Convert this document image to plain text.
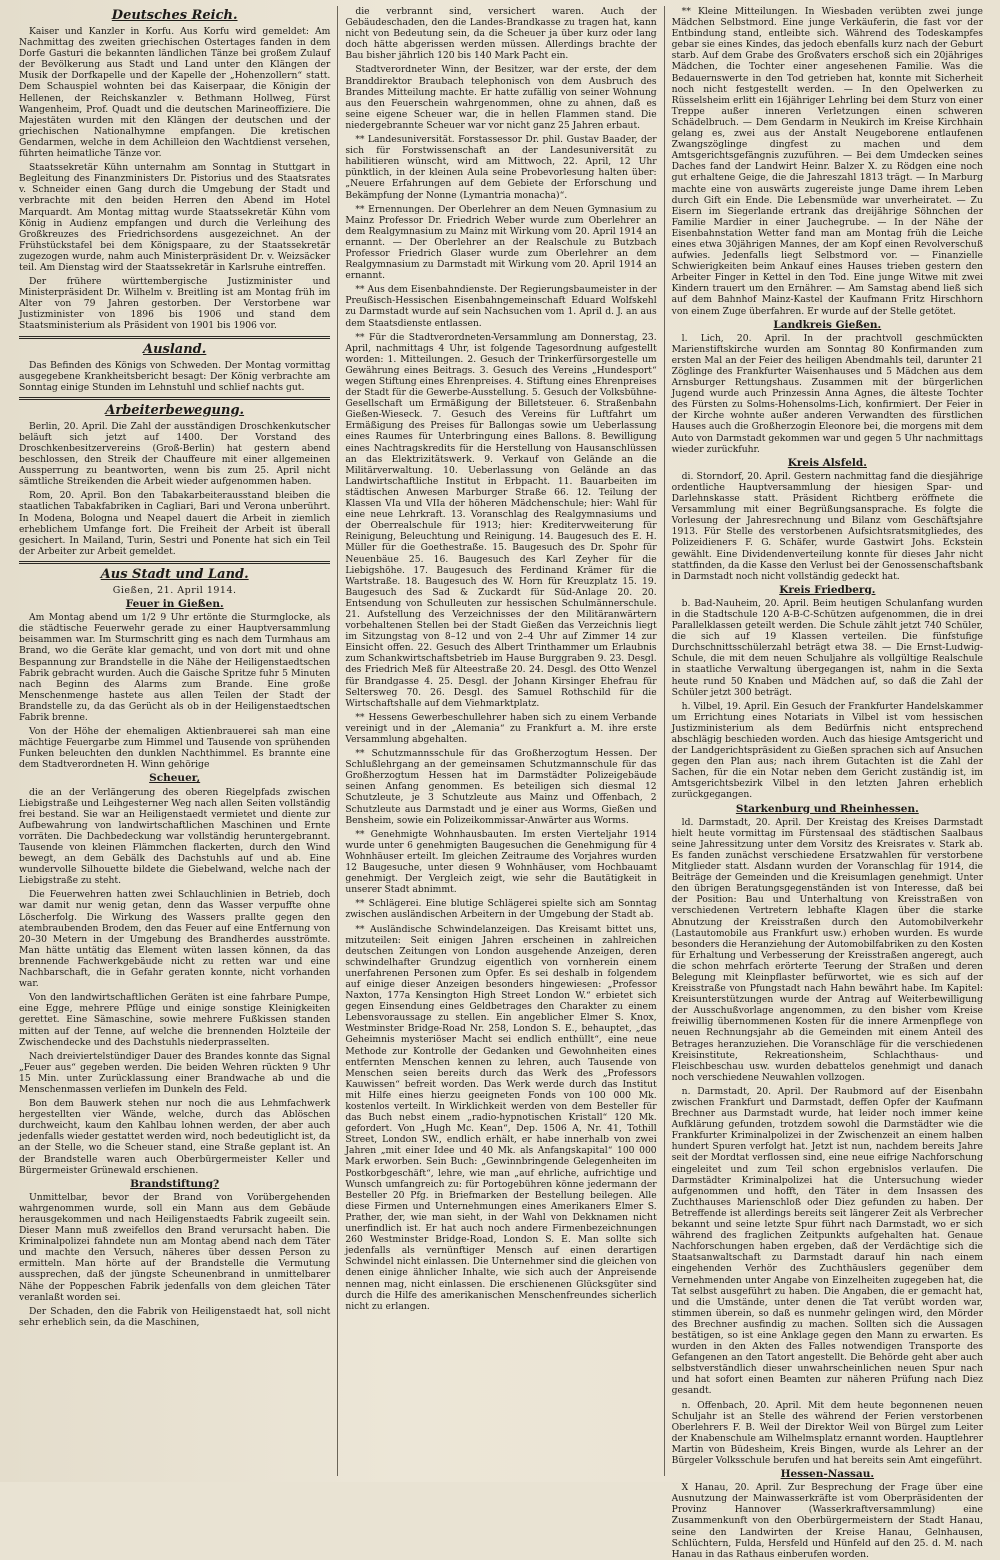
Deutsches Reich.

Kaiser und Kanzler in Korfu. Aus Korfu wird gemeldet: Am Nachmittag des zweiten griechischen Ostertages fanden in dem Dorfe Gasturi die bekannten ländlichen Tänze bei großem Zulauf der Bevölkerung aus Stadt und Land unter den Klängen der Musik der Dorfkapelle und der Kapelle der „Hohenzollern“ statt. Dem Schauspiel wohnten bei das Kaiserpaar, die Königin der Hellenen, der Reichskanzler v. Bethmann Hollweg, Fürst Wangenheim, Prof. Quadt und die deutschen Marineoffiziere. Die Majestäten wurden mit den Klängen der deutschen und der griechischen Nationalhymne empfangen. Die kretischen Gendarmen, welche in dem Achilleion den Wachtdienst versehen, führten heimatliche Tänze vor.

Staatssekretär Kühn unternahm am Sonntag in Stuttgart in Begleitung des Finanzministers Dr. Pistorius und des Staatsrates v. Schneider einen Gang durch die Umgebung der Stadt und verbrachte mit den beiden Herren den Abend im Hotel Marquardt. Am Montag mittag wurde Staatssekretär Kühn vom König in Audienz empfangen und durch die Verleihung des Großkreuzes des Friedrichsordens ausgezeichnet. An der Frühstückstafel bei dem Königspaare, zu der Staatssekretär zugezogen wurde, nahm auch Ministerpräsident Dr. v. Weizsäcker teil. Am Dienstag wird der Staatssekretär in Karlsruhe eintreffen.

Der frühere württembergische Justizminister und Ministerpräsident Dr. Wilhelm v. Breitling ist am Montag früh im Alter von 79 Jahren gestorben. Der Verstorbene war Justizminister von 1896 bis 1906 und stand dem Staatsministerium als Präsident von 1901 bis 1906 vor.

Ausland.

Das Befinden des Königs von Schweden. Der Montag vormittag ausgegebene Krankheitsbericht besagt: Der König verbrachte am Sonntag einige Stunden im Lehnstuhl und schlief nachts gut.

Arbeiterbewegung.

Berlin, 20. April. Die Zahl der ausständigen Droschkenkutscher beläuft sich jetzt auf 1400. Der Vorstand des Droschkenbesitzervereins (Groß-Berlin) hat gestern abend beschlossen, den Streik der Chauffeure mit einer allgemeinen Aussperrung zu beantworten, wenn bis zum 25. April nicht sämtliche Streikenden die Arbeit wieder aufgenommen haben.

Rom, 20. April. Bon den Tabakarbeiterausstand bleiben die staatlichen Tabakfabriken in Cagliari, Bari und Verona unberührt. In Modena, Bologna und Neapel dauert die Arbeit in ziemlich erheblichem Umfange fort. Die Freiheit der Arbeit ist überall gesichert. In Mailand, Turin, Sestri und Ponente hat sich ein Teil der Arbeiter zur Arbeit gemeldet.

Aus Stadt und Land.
Gießen, 21. April 1914.
Feuer in Gießen.

Am Montag abend um 1/2 9 Uhr ertönte die Sturmglocke, als die städtische Feuerwehr gerade zu einer Hauptversammlung beisammen war. Im Sturmschritt ging es nach dem Turmhaus am Brand, wo die Geräte klar gemacht, und von dort mit und ohne Bespannung zur Brandstelle in die Nähe der Heiligenstaedtschen Fabrik gebracht wurden. Auch die Gaische Spritze fuhr 5 Minuten nach Beginn des Alarms zum Brande. Eine große Menschenmenge hastete aus allen Teilen der Stadt der Brandstelle zu, da das Gerücht als ob in der Heiligenstaedtschen Fabrik brenne.

Von der Höhe der ehemaligen Aktienbrauerei sah man eine mächtige Feuergarbe zum Himmel und Tausende von sprühenden Funken beleuchten den dunklen Nachthimmel. Es brannte eine dem Stadtverordneten H. Winn gehörige

Scheuer,

die an der Verlängerung des oberen Riegelpfads zwischen Liebigstraße und Leihgesterner Weg nach allen Seiten vollständig frei bestand. Sie war an Heiligenstaedt vermietet und diente zur Aufbewahrung von landwirtschaftlichen Maschinen und Ernte vorräten. Die Dachbedeckung war vollständig heruntergebrannt. Tausende von kleinen Flämmchen flackerten, durch den Wind bewegt, an dem Gebälk des Dachstuhls auf und ab. Eine wundervolle Silhouette bildete die Giebelwand, welche nach der Liebigstraße zu steht.

Die Feuerwehren hatten zwei Schlauchlinien in Betrieb, doch war damit nur wenig getan, denn das Wasser verpuffte ohne Löscherfolg. Die Wirkung des Wassers prallte gegen den atembraubenden Brodem, den das Feuer auf eine Entfernung von 20–30 Metern in der Umgebung des Brandherdes ausströmte. Man hätte untätig das Element wüten lassen können, da das brennende Fachwerkgebäude nicht zu retten war und eine Nachbarschaft, die in Gefahr geraten konnte, nicht vorhanden war.

Von den landwirtschaftlichen Geräten ist eine fahrbare Pumpe, eine Egge, mehrere Pflüge und einige sonstige Kleinigkeiten gerettet. Eine Sämaschine, sowie mehrere Fußkissen standen mitten auf der Tenne, auf welche die brennenden Holzteile der Zwischendecke und des Dachstuhls niederprasselten.

Nach dreiviertelstündiger Dauer des Brandes konnte das Signal „Feuer aus“ gegeben werden. Die beiden Wehren rückten 9 Uhr 15 Min. unter Zurücklassung einer Brandwache ab und die Menschenmassen verliefen im Dunkeln des Feld.

Bon dem Bauwerk stehen nur noch die aus Lehmfachwerk hergestellten vier Wände, welche, durch das Ablöschen durchweicht, kaum den Kahlbau lohnen werden, der aber auch jedenfalls wieder gestattet werden wird, noch bedeutiglicht ist, da an der Stelle, wo die Scheuer stand, eine Straße geplant ist. An der Brandstelle waren auch Oberbürgermeister Keller und Bürgermeister Grünewald erschienen.

Brandstiftung?

Unmittelbar, bevor der Brand von Vorübergehenden wahrgenommen wurde, soll ein Mann aus dem Gebäude herausgekommen und nach Heiligenstaedts Fabrik zugeeilt sein. Dieser Mann muß zweifellos den Brand verursacht haben. Die Kriminalpolizei fahndete nun am Montag abend nach dem Täter und machte den Versuch, näheres über dessen Person zu ermitteln. Man hörte auf der Brandstelle die Vermutung aussprechen, daß der jüngste Scheunenbrand in unmittelbarer Nähe der Poppeschen Fabrik jedenfalls von dem gleichen Täter veranlaßt worden sei.

Der Schaden, den die Fabrik von Heiligenstaedt hat, soll nicht sehr erheblich sein, da die Maschinen,

die verbrannt sind, versichert waren. Auch der Gebäudeschaden, den die Landes-Brandkasse zu tragen hat, kann nicht von Bedeutung sein, da die Scheuer ja über kurz oder lang doch hätte abgerissen werden müssen. Allerdings brachte der Bau bisher jährlich 120 bis 140 Mark Pacht ein.

Stadtverordneter Winn, der Besitzer, war der erste, der dem Branddirektor Braubach telephonisch von dem Ausbruch des Brandes Mitteilung machte. Er hatte zufällig von seiner Wohnung aus den Feuerschein wahrgenommen, ohne zu ahnen, daß es seine eigene Scheuer war, die in hellen Flammen stand. Die niedergebrannte Scheuer war vor nicht ganz 25 Jahren erbaut.

** Landesuniversität. Forstassessor Dr. phil. Gustav Baader, der sich für Forstwissenschaft an der Landesuniversität zu habilitieren wünscht, wird am Mittwoch, 22. April, 12 Uhr pünktlich, in der kleinen Aula seine Probevorlesung halten über: „Neuere Erfahrungen auf dem Gebiete der Erforschung und Bekämpfung der Nonne (Lymantria monacha)“.

** Ernennungen. Der Oberlehrer an dem Neuen Gymnasium zu Mainz Professor Dr. Friedrich Weber wurde zum Oberlehrer an dem Realgymnasium zu Mainz mit Wirkung vom 20. April 1914 an ernannt. — Der Oberlehrer an der Realschule zu Butzbach Professor Friedrich Glaser wurde zum Oberlehrer an dem Realgymnasium zu Darmstadt mit Wirkung vom 20. April 1914 an ernannt.

** Aus dem Eisenbahndienste. Der Regierungsbaumeister in der Preußisch-Hessischen Eisenbahngemeinschaft Eduard Wolfskehl zu Darmstadt wurde auf sein Nachsuchen vom 1. April d. J. an aus dem Staatsdienste entlassen.

** Für die Stadtverordneten-Versammlung am Donnerstag, 23. April, nachmittags 4 Uhr, ist folgende Tagesordnung aufgestellt worden: 1. Mitteilungen. 2. Gesuch der Trinkerfürsorgestelle um Gewährung eines Beitrags. 3. Gesuch des Vereins „Hundesport“ wegen Stiftung eines Ehrenpreises. 4. Stiftung eines Ehrenpreises der Stadt für die Gewerbe-Ausstellung. 5. Gesuch der Volksbühne-Gesellschaft um Ermäßigung der Billetsteuer. 6. Straßenbahn Gießen-Wieseck. 7. Gesuch des Vereins für Luftfahrt um Ermäßigung des Preises für Ballongas sowie um Ueberlassung eines Raumes für Unterbringung eines Ballons. 8. Bewilligung eines Nachtragskredits für die Herstellung von Hausanschlüssen an das Elektrizitätswerk. 9. Verkauf von Gelände an die Militärverwaltung. 10. Ueberlassung von Gelände an das Landwirtschaftliche Institut in Erbpacht. 11. Bauarbeiten im städtischen Anwesen Marburger Straße 66. 12. Teilung der Klassen VIa und VIIa der höheren Mädchenschule; hier: Wahl für eine neue Lehrkraft. 13. Voranschlag des Realgymnasiums und der Oberrealschule für 1913; hier: Kreditervweiterung für Reinigung, Beleuchtung und Reinigung. 14. Baugesuch des E. H. Müller für die Goethestraße. 15. Baugesuch des Dr. Spohr für Neuenbäue 25. 16. Baugesuch des Karl Zeyher für die Liebigshöhe. 17. Baugesuch des Ferdinand Krämer für die Wartstraße. 18. Baugesuch des W. Horn für Kreuzplatz 15. 19. Baugesuch des Sad & Zuckardt für Süd-Anlage 20. 20. Entsendung von Schulleuten zur hessischen Schulmännerschule. 21. Aufstellung des Verzeichnisses der den Militäranwärtern vorbehaltenen Stellen bei der Stadt Gießen das Verzeichnis liegt im Sitzungstag von 8–12 und von 2–4 Uhr auf Zimmer 14 zur Einsicht offen. 22. Gesuch des Albert Trinthammer um Erlaubnis zum Schankwirtschaftsbetrieb im Hause Burggraben 9. 23. Desgl. des Friedrich Meß für Alteestraße 20. 24. Desgl. des Otto Wenzel für Brandgasse 4. 25. Desgl. der Johann Kirsinger Ehefrau für Seltersweg 70. 26. Desgl. des Samuel Rothschild für die Wirtschaftshalle auf dem Viehmarktplatz.

** Hessens Gewerbeschullehrer haben sich zu einem Verbande vereinigt und in der „Alemania“ zu Frankfurt a. M. ihre erste Versammlung abgehalten.

** Schutzmannsschule für das Großherzogtum Hessen. Der Schlußlehrgang an der gemeinsamen Schutzmannschule für das Großherzogtum Hessen hat im Darmstädter Polizeigebäude seinen Anfang genommen. Es beteiligen sich diesmal 12 Schutzleute, je 3 Schutzleute aus Mainz und Offenbach, 2 Schutzleute aus Darmstadt und je einer aus Worms, Gießen und Bensheim, sowie ein Polizeikommissar-Anwärter aus Worms.

** Genehmigte Wohnhausbauten. Im ersten Vierteljahr 1914 wurde unter 6 genehmigten Baugesuchen die Genehmigung für 4 Wohnhäuser erteilt. Im gleichen Zeitraume des Vorjahres wurden 12 Baugesuche, unter diesen 9 Wohnhäuser, vom Hochbauamt genehmigt. Der Vergleich zeigt, wie sehr die Bautätigkeit in unserer Stadt abnimmt.

** Schlägerei. Eine blutige Schlägerei spielte sich am Sonntag zwischen ausländischen Arbeitern in der Umgebung der Stadt ab.

** Ausländische Schwindelanzeigen. Das Kreisamt bittet uns, mitzuteilen: Seit einigen Jahren erscheinen in zahlreichen deutschen Zeitungen von London ausgehende Anzeigen, deren schwindelhafter Grundzug eigentlich von vornherein einem unerfahrenen Personen zum Opfer. Es sei deshalb in folgendem auf einige dieser Anzeigen besonders hingewiesen: „Professor Naxton, 177a Kensington High Street London W.“ erbietet sich gegen Einsendung eines Geldbetrages den Charakter zu einem Lebensvoraussage zu stellen. Ein angeblicher Elmer S. Knox, Westminster Bridge-Road Nr. 258, London S. E., behauptet, „das Geheimnis mysteriöser Macht sei endlich enthüllt“, eine neue Methode zur Kontrolle der Gedanken und Gewohnheiten eines entfernten Menschen kennen zu lehren, auch Tausende von Menschen seien bereits durch das Werk des „Professors Kauwissen“ befreit worden. Das Werk werde durch das Institut mit Hilfe eines hierzu geeigneten Fonds von 100 000 Mk. kostenlos verteilt. In Wirklichkeit werden von dem Besteller für das Buch nebst einem „radio-hypnotischen Kristall“ 120 Mk. gefordert. Von „Hugh Mc. Kean“, Dep. 1506 A, Nr. 41, Tothill Street, London SW., endlich erhält, er habe innerhalb von zwei Jahren „mit einer Idee und 40 Mk. als Anfangskapital“ 100 000 Mark erworben. Sein Buch: „Gewinnbringende Gelegenheiten im Postkorbgeschäft“, lehre, wie man „auf ehrliche, aufrichtige und Wunsch umfangreich zu: für Portogebühren könne jedermann der Besteller 20 Pfg. in Briefmarken der Bestellung beilegen. Alle diese Firmen und Unternehmungen eines Amerikaners Elmer S. Prather, der, wie man sieht, in der Wahl von Dekknamen nicht unerfindlich ist. Er hat auch noch andere Firmenbezeichnungen 260 Westminster Bridge-Road, London S. E. Man sollte sich jedenfalls als vernünftiger Mensch auf einen derartigen Schwindel nicht einlassen. Die Unternehmer sind die gleichen von denen einige ähnlicher Inhalte, wie sich auch der Anpreisende nennen mag, nicht einlassen. Die erschienenen Glücksgüter sind durch die Hilfe des amerikanischen Menschenfreundes sicherlich nicht zu erlangen.

** Kleine Mitteilungen. In Wiesbaden verübten zwei junge Mädchen Selbstmord. Eine junge Verkäuferin, die fast vor der Entbindung stand, entleibte sich. Während des Todeskampfes gebar sie eines Kindes, das jedoch ebenfalls kurz nach der Geburt starb. Auf dem Grabe des Großvaters erschoß sich ein 20jähriges Mädchen, die Tochter einer angesehenen Familie. Was die Bedauernswerte in den Tod getrieben hat, konnte mit Sicherheit noch nicht festgestellt werden. — In den Opelwerken zu Rüsselsheim erlitt ein 16jähriger Lehrling bei dem Sturz von einer Treppe außer inneren Verletzungen einen schweren Schädelbruch. — Dem Gendarm in Neukirch im Kreise Kirchhain gelang es, zwei aus der Anstalt Neugeborene entlaufenen Zwangszöglinge dingfest zu machen und dem Amtsgerichtsgefängnis zuzuführen. — Bei dem Umdecken seines Daches fand der Landwirt Heinr. Balzer X. zu Rödgen eine noch gut erhaltene Geige, die die Jahreszahl 1813 trägt. — In Marburg machte eine von auswärts zugereiste junge Dame ihrem Leben durch Gift ein Ende. Die Lebensmüde war unverheiratet. — Zu Eisern im Siegerlande ertrank das dreijährige Söhnchen der Familie Mardier in einer Jauchegrube. — In der Nähe der Eisenbahnstation Wetter fand man am Montag früh die Leiche eines etwa 30jährigen Mannes, der am Kopf einen Revolverschuß aufwies. Jedenfalls liegt Selbstmord vor. — Finanzielle Schwierigkeiten beim Ankauf eines Hauses trieben gestern den Arbeiter Finger in Kettel in den Tod. Eine junge Witwe mit zwei Kindern trauert um den Ernährer. — Am Samstag abend ließ sich auf dem Bahnhof Mainz-Kastel der Kaufmann Fritz Hirschhorn von einem Zuge überfahren. Er wurde auf der Stelle getötet.

Landkreis Gießen.

l. Lich, 20. April. In der prachtvoll geschmückten Marienstiftskirche wurden am Sonntag 80 Konfirmanden zum ersten Mal an der Feier des heiligen Abendmahls teil, darunter 21 Zöglinge des Frankfurter Waisenhauses und 5 Mädchen aus dem Arnsburger Rettungshaus. Zusammen mit der bürgerlichen Jugend wurde auch Prinzessin Anna Agnes, die älteste Tochter des Fürsten zu Solms-Hohensolms-Lich, konfirmiert. Der Feier in der Kirche wohnte außer anderen Verwandten des fürstlichen Hauses auch die Großherzogin Eleonore bei, die morgens mit dem Auto von Darmstadt gekommen war und gegen 5 Uhr nachmittags wieder zurückfuhr.

Kreis Alsfeld.

di. Storndorf, 20. April. Gestern nachmittag fand die diesjährige ordentliche Hauptversammlung der hiesigen Spar- und Darlehnskasse statt. Präsident Richtberg eröffnete die Versammlung mit einer Begrüßungsansprache. Es folgte die Vorlesung der Jahresrechnung und Bilanz vom Geschäftsjahre 1913. Für Stelle des verstorbenen Aufsichtsratsmitgliedes, des Polizeidieners F. G. Schäfer, wurde Gastwirt Johs. Eckstein gewählt. Eine Dividendenverteilung konnte für dieses Jahr nicht stattfinden, da die Kasse den Verlust bei der Genossenschaftsbank in Darmstadt noch nicht vollständig gedeckt hat.

Kreis Friedberg.

b. Bad-Nauheim, 20. April. Beim heutigen Schulanfang wurden in die Stadtschule 120 A-B-C-Schützen aufgenommen, die in drei Parallelklassen geteilt werden. Die Schule zählt jetzt 740 Schüler, die sich auf 19 Klassen verteilen. Die fünfstufige Durchschnittsschülerzahl beträgt etwa 38. — Die Ernst-Ludwig-Schule, die mit dem neuen Schuljahre als vollgültige Realschule in staatliche Verwaltung übergegangen ist, nahm in die Sexta heute rund 50 Knaben und Mädchen auf, so daß die Zahl der Schüler jetzt 300 beträgt.

h. Vilbel, 19. April. Ein Gesuch der Frankfurter Handelskammer um Errichtung eines Notariats in Vilbel ist vom hessischen Justizministerium als dem Bedürfnis nicht entsprechend abschlägig beschieden worden. Auch das hiesige Amtsgericht und der Landgerichtspräsident zu Gießen sprachen sich auf Ansuchen gegen den Plan aus; nach ihrem Gutachten ist die Zahl der Sachen, für die ein Notar neben dem Gericht zuständig ist, im Amtsgerichtsbezirk Vilbel in den letzten Jahren erheblich zurückgegangen.

Starkenburg und Rheinhessen.

ld. Darmstadt, 20. April. Der Kreistag des Kreises Darmstadt hielt heute vormittag im Fürstensaal des städtischen Saalbaus seine Jahressitzung unter dem Vorsitz des Kreisrates v. Stark ab. Es fanden zunächst verschiedene Ersatzwahlen für verstorbene Mitglieder statt. Alsdann wurden der Voranschlag für 1914, die Beiträge der Gemeinden und die Kreisumlagen genehmigt. Unter den übrigen Beratungsgegenständen ist von Interesse, daß bei der Position: Bau und Unterhaltung von Kreisstraßen von verschiedenen Vertretern lebhafte Klagen über die starke Abnutzung der Kreisstraßen durch den Automobilverkehr (Lastautomobile aus Frankfurt usw.) erhoben wurden. Es wurde besonders die Heranziehung der Automobilfabriken zu den Kosten für Erhaltung und Verbesserung der Kreisstraßen angeregt, auch die schon mehrfach erörterte Teerung der Straßen und deren Belegung mit Kleinpflaster befürwortet, wie es sich auf der Kreisstraße von Pfungstadt nach Hahn bewährt habe. Im Kapitel: Kreisunterstützungen wurde der Antrag auf Weiterbewilligung der Ausschußvorlage angenommen, zu den bisher vom Kreise freiwillig übernommenen Kosten für die innere Armenpflege von neuen Rechnungsjahr ab die Gemeinden mit einem Anteil des Betrages heranzuziehen. Die Voranschläge für die verschiedenen Kreisinstitute, Rekreationsheim, Schlachthaus- und Fleischbeschau usw. wurden debattelos genehmigt und danach noch verschiedene Neuwahlen vollzogen.

n. Darmstadt, 20. April. Der Raubmord auf der Eisenbahn zwischen Frankfurt und Darmstadt, deffen Opfer der Kaufmann Brechner aus Darmstadt wurde, hat leider noch immer keine Aufklärung gefunden, trotzdem sowohl die Darmstädter wie die Frankfurter Kriminalpolizei in der Zwischenzeit an einem halben hundert Spuren verfolgt hat. Jetzt ist nun, nachdem bereits Jahre seit der Mordtat verflossen sind, eine neue eifrige Nachforschung eingeleitet und zum Teil schon ergebnislos verlaufen. Die Darmstädter Kriminalpolizei hat die Untersuchung wieder aufgenommen und hofft, den Täter in dem Insassen des Zuchthauses Marienschloß oder Diez gefunden zu haben. Der Betreffende ist allerdings bereits seit längerer Zeit als Verbrecher bekannt und seine letzte Spur führt nach Darmstadt, wo er sich während des fraglichen Zeitpunkts aufgehalten hat. Genaue Nachforschungen haben ergeben, daß der Verdächtige sich die Staatsanwaltschaft zu Darmstadt darauf hin nach einem eingehenden Verhör des Zuchthäuslers gegenüber dem Vernehmenden unter Angabe von Einzelheiten zugegeben hat, die Tat selbst ausgeführt zu haben. Die Angaben, die er gemacht hat, und die Umstände, unter denen die Tat verübt worden war, stimmen überein, so daß es nunmehr gelingen wird, den Mörder des Brechner ausfindig zu machen. Sollten sich die Aussagen bestätigen, so ist eine Anklage gegen den Mann zu erwarten. Es wurden in den Akten des Falles notwendigen Transporte des Gefangenen an den Tatort angestellt. Die Behörde geht aber auch selbstverständlich dieser unwahrscheinlichen neuen Spur nach und hat sofort einen Beamten zur näheren Prüfung nach Diez gesandt.

n. Offenbach, 20. April. Mit dem heute begonnenen neuen Schuljahr ist an Stelle des während der Ferien verstorbenen Oberlehrers F. B. Weil der Direktor Weil von Bürgel zum Leiter der Knabenschule am Wilhelmsplatz ernannt worden. Hauptlehrer Martin von Büdesheim, Kreis Bingen, wurde als Lehrer an der Bürgeler Volksschule berufen und hat bereits sein Amt eingeführt.

Hessen-Nassau.

X Hanau, 20. April. Zur Besprechung der Frage über eine Ausnutzung der Mainwasserkräfte ist vom Oberpräsidenten der Provinz Hannover (Wasserkraftversammlung) eine Zusammenkunft von den Oberbürgermeistern der Stadt Hanau, seine den Landwirten der Kreise Hanau, Gelnhausen, Schlüchtern, Fulda, Hersfeld und Hünfeld auf den 25. d. M. nach Hanau in das Rathaus einberufen worden.
